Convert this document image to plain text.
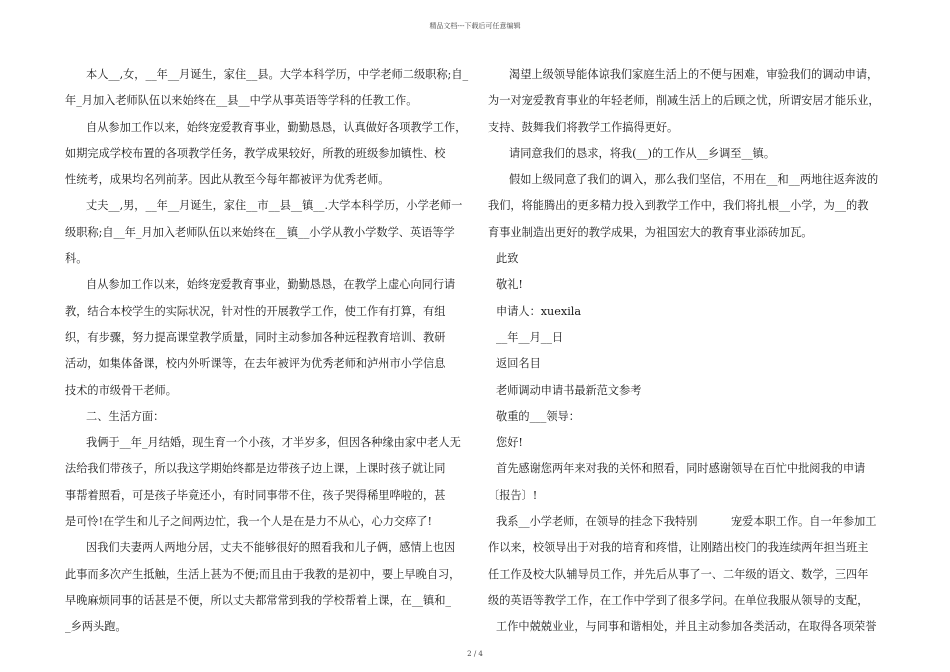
精品文档---下载后可任意编辑

本人__,女，__年__月诞生，家住__县。大学本科学历，中学老师二级职称;自_

年_月加入老师队伍以来始终在__县__中学从事英语等学科的任教工作。

自从参加工作以来，始终宠爱教育事业，勤勤恳恳，认真做好各项教学工作，

如期完成学校布置的各项教学任务，教学成果较好，所教的班级参加镇性、校

性统考，成果均名列前茅。因此从教至今每年都被评为优秀老师。

丈夫__,男，__年__月诞生，家住__市__县__镇__.大学本科学历，小学老师一

级职称;自__年_月加入老师队伍以来始终在__镇__小学从教小学数学、英语等学

科。

自从参加工作以来，始终宠爱教育事业，勤勤恳恳，在教学上虚心向同行请

教，结合本校学生的实际状况，针对性的开展教学工作，使工作有打算，有组

织，有步骤，努力提高课堂教学质量，同时主动参加各种远程教育培训、教研

活动，如集体备课，校内外听课等，在去年被评为优秀老师和泸州市小学信息

技术的市级骨干老师。

二、生活方面：

我俩于__年_月结婚，现生育一个小孩，才半岁多，但因各种缘由家中老人无

法给我们带孩子，所以我这学期始终都是边带孩子边上课，上课时孩子就让同

事帮着照看，可是孩子毕竟还小，有时同事带不住，孩子哭得稀里哗啦的，甚

是可怜!在学生和儿子之间两边忙，我一个人是在是力不从心，心力交瘁了!

因我们夫妻两人两地分居，丈夫不能够很好的照看我和儿子俩，感情上也因

此事而多次产生抵触，生活上甚为不便;而且由于我教的是初中，要上早晚自习，

早晚麻烦同事的话甚是不便，所以丈夫都常常到我的学校帮着上课，在__镇和_

_乡两头跑。

渴望上级领导能体谅我们家庭生活上的不便与困难，审验我们的调动申请，

为一对宠爱教育事业的年轻老师，削减生活上的后顾之忧，所谓安居才能乐业，

支持、鼓舞我们将教学工作搞得更好。

请同意我们的恳求，将我(__)的工作从__乡调至__镇。

假如上级同意了我们的调入，那么我们坚信，不用在__和__两地往返奔波的

我们，将能腾出的更多精力投入到教学工作中，我们将扎根__小学，为__的教

育事业制造出更好的教学成果，为祖国宏大的教育事业添砖加瓦。

此致

敬礼!

申请人：xuexila

__年__月__日

返回名目

老师调动申请书最新范文参考

敬重的___领导：

您好!

首先感谢您两年来对我的关怀和照看，同时感谢领导在百忙中批阅我的申请

〔报告〕!

我系__小学老师，在领导的挂念下我特别　　　宠爱本职工作。自一年参加工

作以来，校领导出于对我的培育和疼惜，让刚踏出校门的我连续两年担当班主

任工作及校大队辅导员工作，并先后从事了一、二年级的语文、数学，三四年

级的英语等教学工作，在工作中学到了很多学问。在单位我服从领导的支配，

工作中兢兢业业，与同事和谐相处，并且主动参加各类活动，在取得各项荣誉

2 / 4
